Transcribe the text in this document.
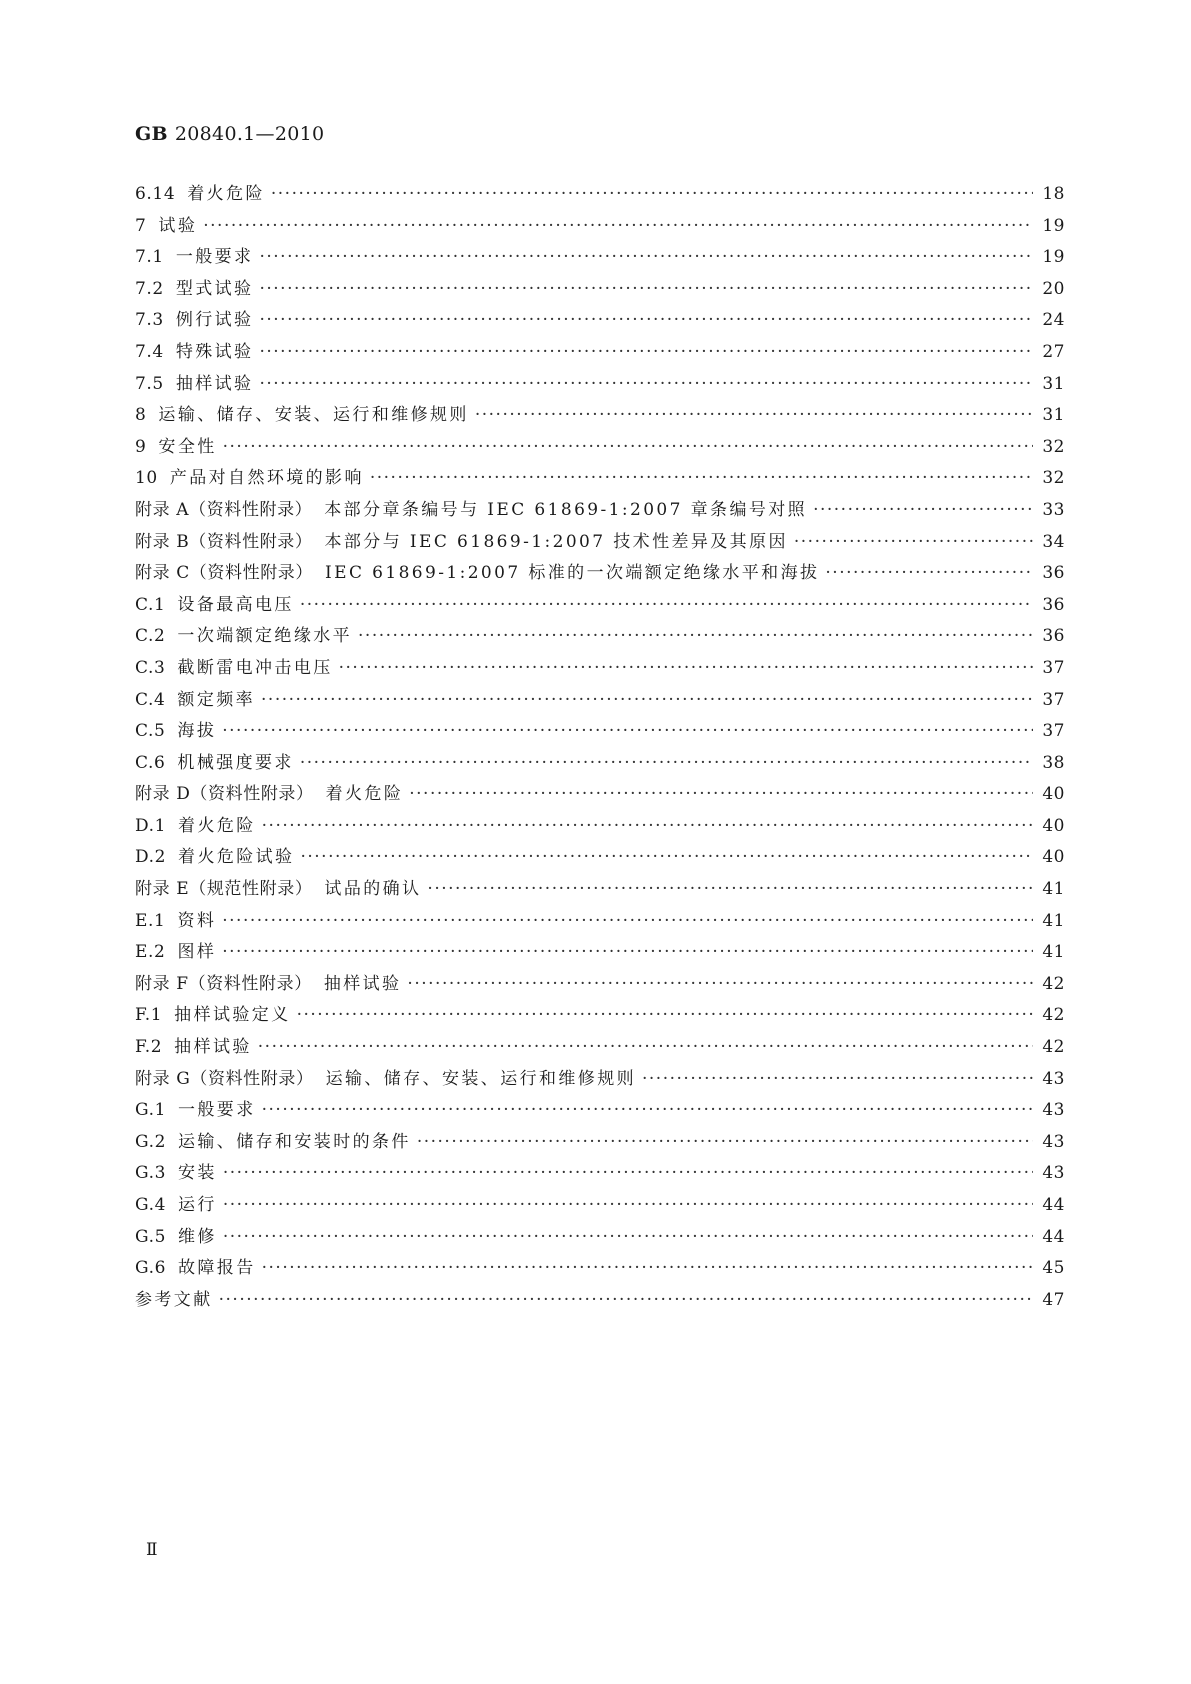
GB 20840.1—2010
6.14 着火危险 ·····	18
7 试验 ·····	19
7.1 一般要求 ·····	19
7.2 型式试验 ·····	20
7.3 例行试验 ·····	24
7.4 特殊试验 ·····	27
7.5 抽样试验 ·····	31
8 运输、储存、安装、运行和维修规则 ·····	31
9 安全性 ·····	32
10 产品对自然环境的影响 ·····	32
附录 A（资料性附录） 本部分章条编号与 IEC 61869-1:2007 章条编号对照 ·····	33
附录 B（资料性附录） 本部分与 IEC 61869-1:2007 技术性差异及其原因 ·····	34
附录 C（资料性附录） IEC 61869-1:2007 标准的一次端额定绝缘水平和海拔 ·····	36
C.1 设备最高电压 ·····	36
C.2 一次端额定绝缘水平 ·····	36
C.3 截断雷电冲击电压 ·····	37
C.4 额定频率 ·····	37
C.5 海拔 ·····	37
C.6 机械强度要求 ·····	38
附录 D（资料性附录） 着火危险 ·····	40
D.1 着火危险 ·····	40
D.2 着火危险试验 ·····	40
附录 E（规范性附录） 试品的确认 ·····	41
E.1 资料 ·····	41
E.2 图样 ·····	41
附录 F（资料性附录） 抽样试验 ·····	42
F.1 抽样试验定义 ·····	42
F.2 抽样试验 ·····	42
附录 G（资料性附录） 运输、储存、安装、运行和维修规则 ·····	43
G.1 一般要求 ·····	43
G.2 运输、储存和安装时的条件 ·····	43
G.3 安装 ·····	43
G.4 运行 ·····	44
G.5 维修 ·····	44
G.6 故障报告 ·····	45
参考文献 ·····	47
Ⅱ
